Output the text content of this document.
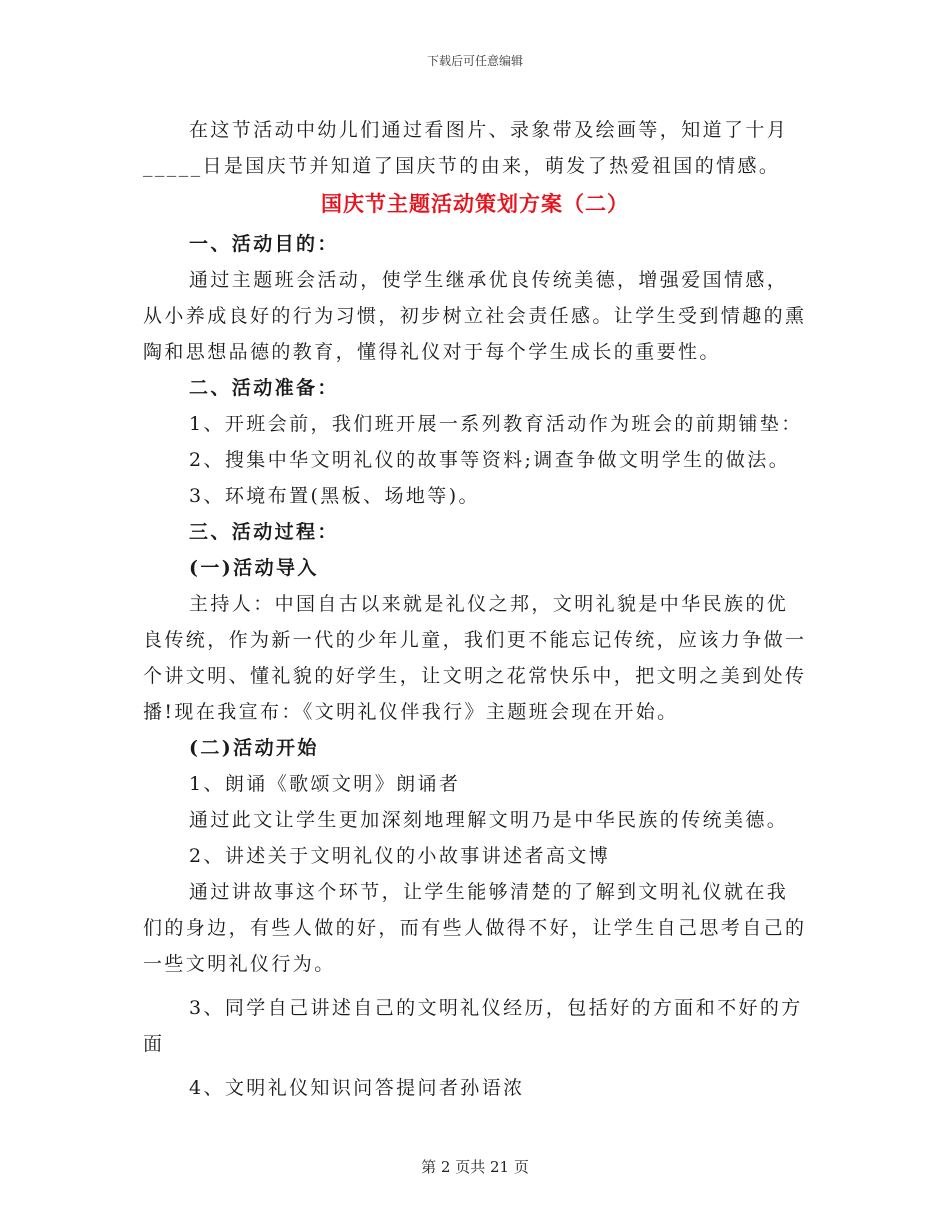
下载后可任意编辑

在这节活动中幼儿们通过看图片、录象带及绘画等，知道了十月_____日是国庆节并知道了国庆节的由来，萌发了热爱祖国的情感。

国庆节主题活动策划方案（二）

一、活动目的：

通过主题班会活动，使学生继承优良传统美德，增强爱国情感，从小养成良好的行为习惯，初步树立社会责任感。让学生受到情趣的熏陶和思想品德的教育，懂得礼仪对于每个学生成长的重要性。

二、活动准备：

1、开班会前，我们班开展一系列教育活动作为班会的前期铺垫：

2、搜集中华文明礼仪的故事等资料;调查争做文明学生的做法。

3、环境布置(黑板、场地等)。

三、活动过程：

(一)活动导入

主持人：中国自古以来就是礼仪之邦，文明礼貌是中华民族的优良传统，作为新一代的少年儿童，我们更不能忘记传统，应该力争做一个讲文明、懂礼貌的好学生，让文明之花常快乐中，把文明之美到处传播!现在我宣布：《文明礼仪伴我行》主题班会现在开始。

(二)活动开始

1、朗诵《歌颂文明》朗诵者

通过此文让学生更加深刻地理解文明乃是中华民族的传统美德。

2、讲述关于文明礼仪的小故事讲述者高文博

通过讲故事这个环节，让学生能够清楚的了解到文明礼仪就在我们的身边，有些人做的好，而有些人做得不好，让学生自己思考自己的一些文明礼仪行为。

3、同学自己讲述自己的文明礼仪经历，包括好的方面和不好的方面

4、文明礼仪知识问答提问者孙语浓

第 2 页共 21 页
